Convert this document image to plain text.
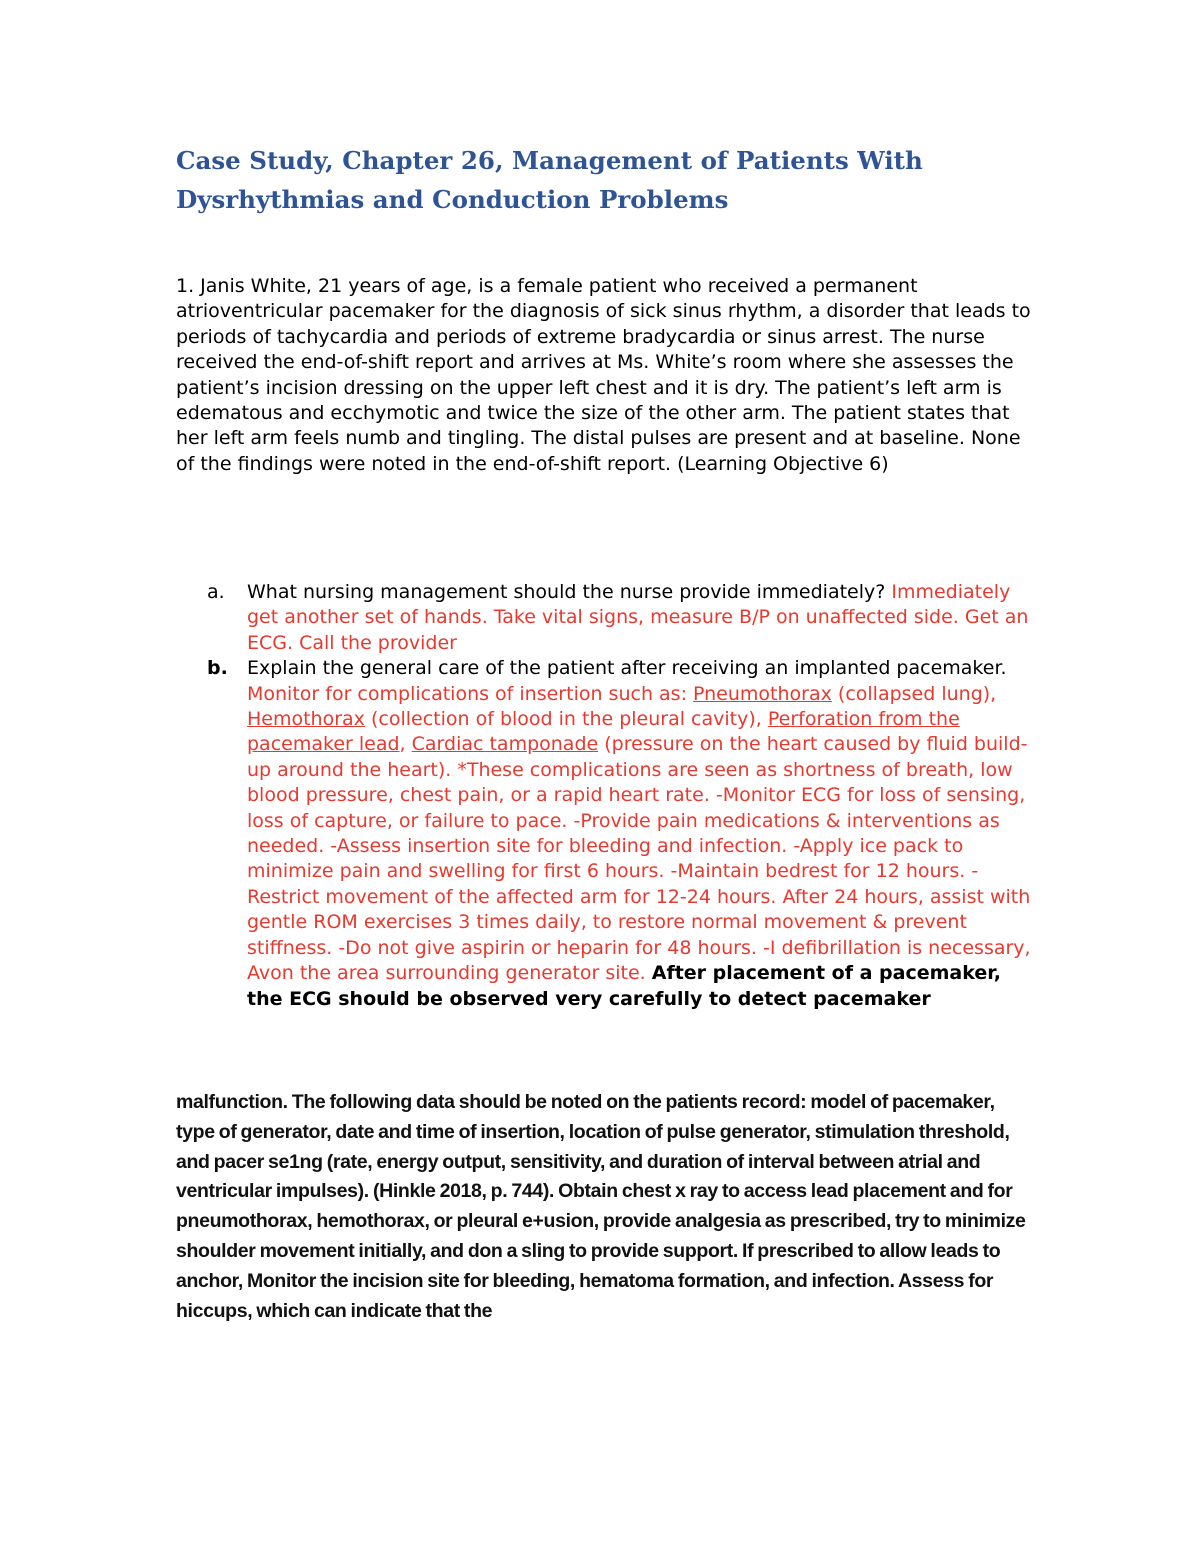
Case Study, Chapter 26, Management of Patients With Dysrhythmias and Conduction Problems

1. Janis White, 21 years of age, is a female patient who received a permanent atrioventricular pacemaker for the diagnosis of sick sinus rhythm, a disorder that leads to periods of tachycardia and periods of extreme bradycardia or sinus arrest. The nurse received the end-of-shift report and arrives at Ms. White’s room where she assesses the patient’s incision dressing on the upper left chest and it is dry. The patient’s left arm is edematous and ecchymotic and twice the size of the other arm. The patient states that her left arm feels numb and tingling. The distal pulses are present and at baseline. None of the findings were noted in the end-of-shift report. (Learning Objective 6)

a. What nursing management should the nurse provide immediately? Immediately get another set of hands. Take vital signs, measure B/P on unaffected side. Get an ECG. Call the provider
b. Explain the general care of the patient after receiving an implanted pacemaker. Monitor for complications of insertion such as: Pneumothorax (collapsed lung), Hemothorax (collection of blood in the pleural cavity), Perforation from the pacemaker lead, Cardiac tamponade (pressure on the heart caused by fluid build-up around the heart). *These complications are seen as shortness of breath, low blood pressure, chest pain, or a rapid heart rate. -Monitor ECG for loss of sensing, loss of capture, or failure to pace. -Provide pain medications & interventions as needed. -Assess insertion site for bleeding and infection. -Apply ice pack to minimize pain and swelling for first 6 hours. -Maintain bedrest for 12 hours. -Restrict movement of the affected arm for 12-24 hours. After 24 hours, assist with gentle ROM exercises 3 times daily, to restore normal movement & prevent stiffness. -Do not give aspirin or heparin for 48 hours. -I defibrillation is necessary, Avon the area surrounding generator site. After placement of a pacemaker, the ECG should be observed very carefully to detect pacemaker

malfunction. The following data should be noted on the patients record: model of pacemaker, type of generator, date and time of insertion, location of pulse generator, stimulation threshold, and pacer se1ng (rate, energy output, sensitivity, and duration of interval between atrial and ventricular impulses). (Hinkle 2018, p. 744). Obtain chest x ray to access lead placement and for pneumothorax, hemothorax, or pleural e+usion, provide analgesia as prescribed, try to minimize shoulder movement initially, and don a sling to provide support. If prescribed to allow leads to anchor, Monitor the incision site for bleeding, hematoma formation, and infection. Assess for hiccups, which can indicate that the
